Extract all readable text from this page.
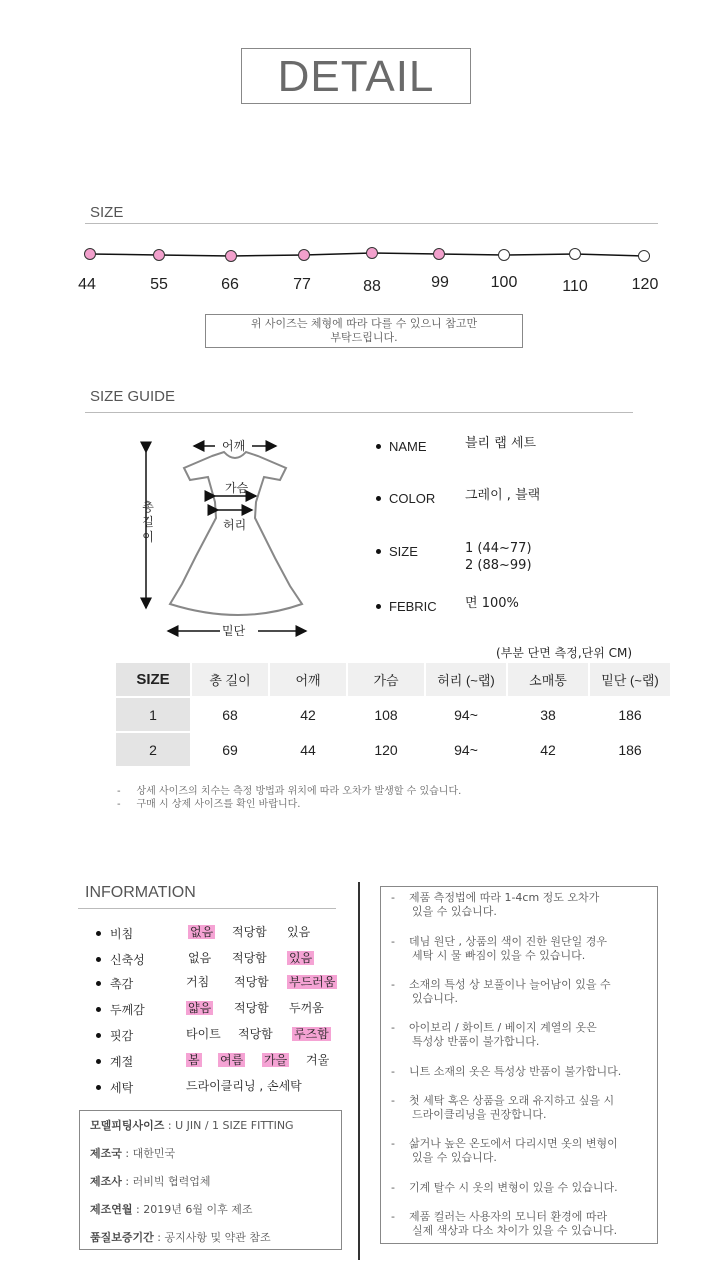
DETAIL
SIZE
44	55	66	77	88	99	100	110	120
위 사이즈는 체형에 따라 다를 수 있으니 참고만
부탁드립니다.
SIZE GUIDE
어깨
가슴
허리
밑단
총 길 이
NAME	블리 랩 세트
COLOR 그레이 , 블랙
SIZE	1 (44~77)
2 (88~99)
FEBRIC 면 100%
(부분 단면 측정,단위 CM)
SIZE	총 길이	어깨	가슴	허리 (~랩)	소매통	밑단 (~랩)
1	68	42	108	94~	38	186
2	69	44	120	94~	42	186
-     상세 사이즈의 치수는 측정 방법과 위치에 따라 오차가 발생할 수 있습니다.
-     구매 시 상제 사이즈를 확인 바랍니다.
INFORMATION
비침	없음 적당함 있음
신축성	없음 적당함 있음
촉감	거침 적당함 부드러움
두께감	얇음 적당함 두꺼움
핏감	타이트 적당함 루즈함
계절	봄 여름 가을 겨울
세탁	드라이클리닝 , 손세탁
모델피팅사이즈 : U JIN / 1 SIZE FITTING
제조국 : 대한민국
제조사 : 러비빅 협력업체
제조연월 : 2019년 6월 이후 제조
품질보증기간 : 공지사항 및 약관 참조
-    제품 측정법에 따라 1-4cm 정도 오차가
있을 수 있습니다.
-    데님 원단 , 상품의 색이 진한 원단일 경우
세탁 시 물 빠짐이 있을 수 있습니다.
-    소재의 특성 상 보풀이나 늘어남이 있을 수
있습니다.
-    아이보리 / 화이트 / 베이지 계열의 옷은
특성상 반품이 불가합니다.
-    니트 소재의 옷은 특성상 반품이 불가합니다.
-    첫 세탁 혹은 상품을 오래 유지하고 싶을 시
드라이클리닝을 권장합니다.
-    삶거나 높은 온도에서 다리시면 옷의 변형이
있을 수 있습니다.
-    기계 탈수 시 옷의 변형이 있을 수 있습니다.
-    제품 컬러는 사용자의 모니터 환경에 따라
실제 색상과 다소 차이가 있을 수 있습니다.
